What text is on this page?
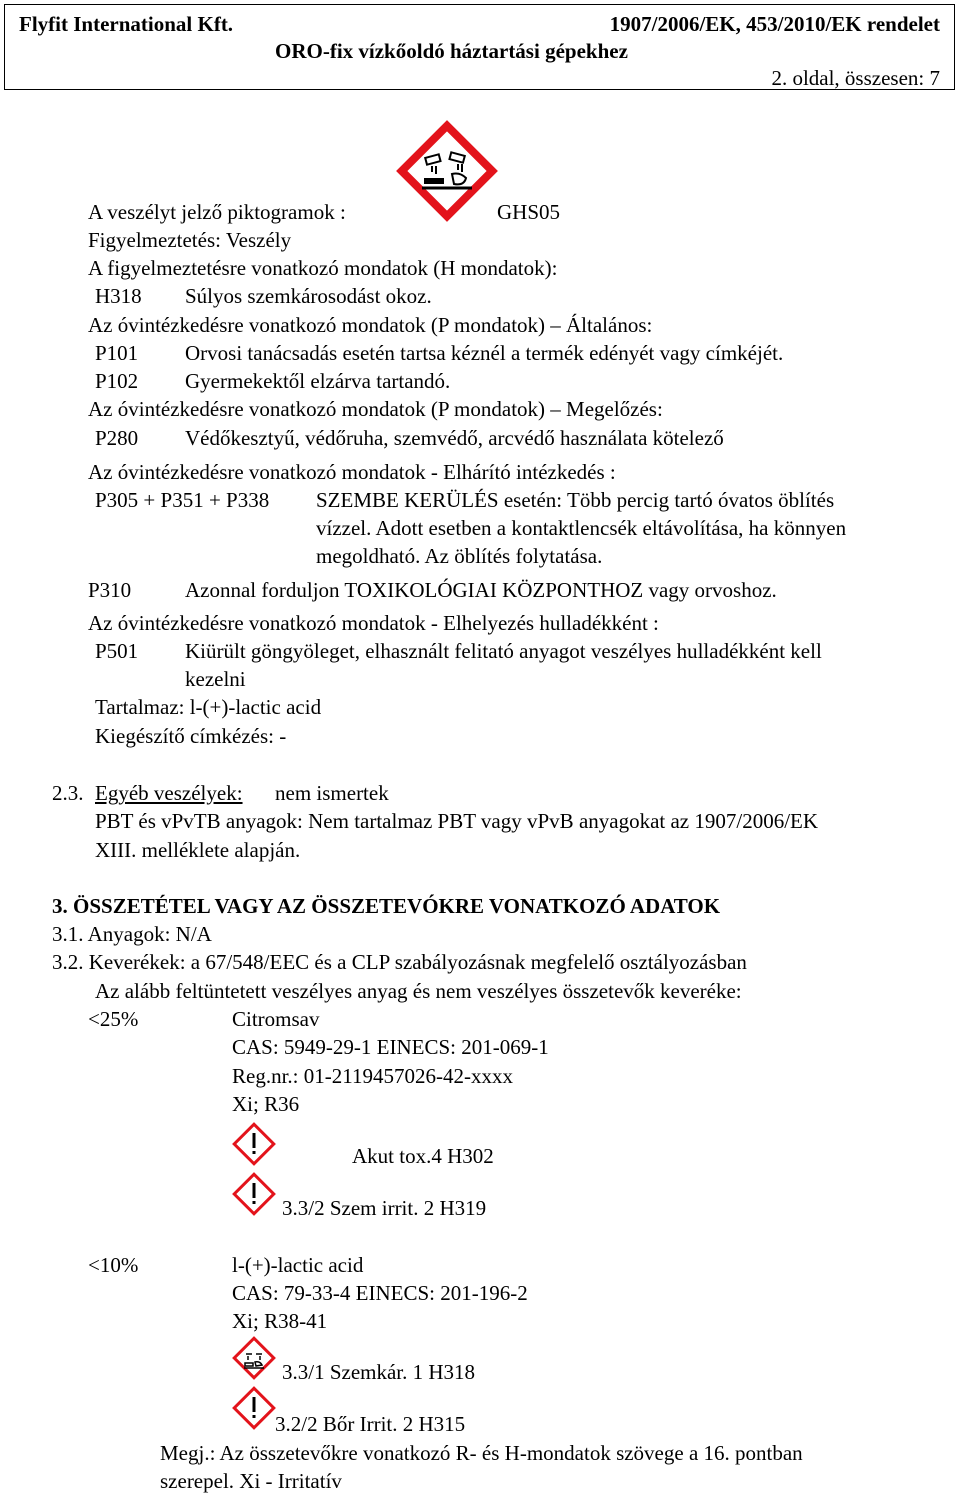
Flyfit International Kft.	1907/2006/EK, 453/2010/EK rendelet
ORO-fix vízkőoldó háztartási gépekhez
2. oldal, összesen: 7
A veszélyt jelző piktogramok :	GHS05
Figyelmeztetés: Veszély
A figyelmeztetésre vonatkozó mondatok (H mondatok):
H318 Súlyos szemkárosodást okoz.
Az óvintézkedésre vonatkozó mondatok (P mondatok) – Általános:
P101 Orvosi tanácsadás esetén tartsa kéznél a termék edényét vagy címkéjét.
P102 Gyermekektől elzárva tartandó.
Az óvintézkedésre vonatkozó mondatok (P mondatok) – Megelőzés:
P280 Védőkesztyű, védőruha, szemvédő, arcvédő használata kötelező
Az óvintézkedésre vonatkozó mondatok - Elhárító intézkedés :
P305 + P351 + P338 SZEMBE KERÜLÉS esetén: Több percig tartó óvatos öblítés
vízzel. Adott esetben a kontaktlencsék eltávolítása, ha könnyen
megoldható. Az öblítés folytatása.
P310	Azonnal forduljon TOXIKOLÓGIAI KÖZPONTHOZ vagy orvoshoz.
Az óvintézkedésre vonatkozó mondatok - Elhelyezés hulladékként :
P501 Kiürült göngyöleget, elhasznált felitató anyagot veszélyes hulladékként kell
kezelni
Tartalmaz: l-(+)-lactic acid
Kiegészítő címkézés: -
2.3. Egyéb veszélyek: nem ismertek
PBT és vPvTB anyagok: Nem tartalmaz PBT vagy vPvB anyagokat az 1907/2006/EK
XIII. melléklete alapján.
3. ÖSSZETÉTEL VAGY AZ ÖSSZETEVÓKRE VONATKOZÓ ADATOK
3.1. Anyagok: N/A
3.2. Keverékek: a 67/548/EEC és a CLP szabályozásnak megfelelő osztályozásban
Az alább feltüntetett veszélyes anyag és nem veszélyes összetevők keveréke:
<25%	Citromsav
CAS: 5949-29-1 EINECS: 201-069-1
Reg.nr.: 01-2119457026-42-xxxx
Xi; R36
Akut tox.4 H302
3.3/2 Szem irrit. 2 H319
<10%	l-(+)-lactic acid
CAS: 79-33-4 EINECS: 201-196-2
Xi; R38-41
3.3/1 Szemkár. 1 H318
3.2/2 Bőr Irrit. 2 H315
Megj.: Az összetevőkre vonatkozó R- és H-mondatok szövege a 16. pontban
szerepel. Xi - Irritatív
